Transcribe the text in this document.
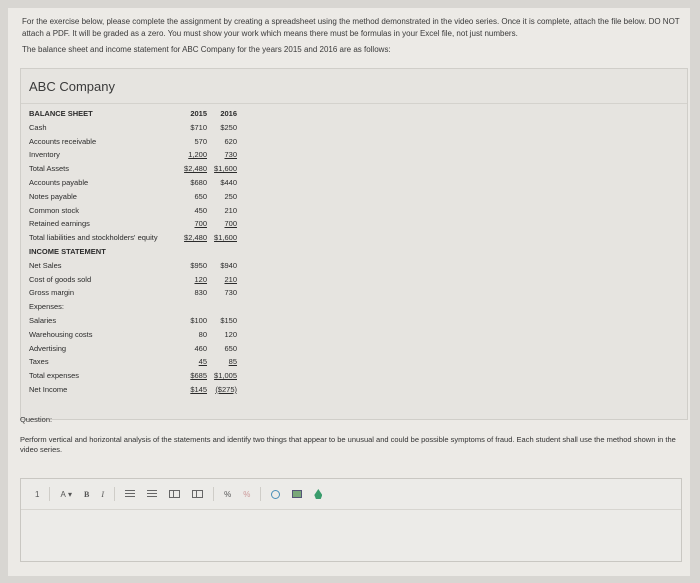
For the exercise below, please complete the assignment by creating a spreadsheet using the method demonstrated in the video series. Once it is complete, attach the file below. DO NOT attach a PDF. It will be graded as a zero. You must show your work which means there must be formulas in your Excel file, not just numbers.

The balance sheet and income statement for ABC Company for the years 2015 and 2016 are as follows:

ABC Company
BALANCE SHEET	2015	2016
Cash	$710	$250
Accounts receivable	570	620
Inventory	1,200	730
Total Assets	$2,480 $1,600
Accounts payable	$680	$440
Notes payable	650	250
Common stock	450	210
Retained earnings	700	700
Total liabilities and stockholders' equity	$2,480 $1,600
INCOME STATEMENT
Net Sales	$950	$940
Cost of goods sold	120	210
Gross margin	830	730
Expenses:
Salaries	$100	$150
Warehousing costs	80	120
Advertising	460	650
Taxes	45	85
Total expenses	$685 $1,005
Net Income	$145	($275)
Question:
Perform vertical and horizontal analysis of the statements and identify two things that appear to be unusual and could be possible symptoms of fraud. Each student shall use the method shown in the video series.
1	A
▾ B I	% %
